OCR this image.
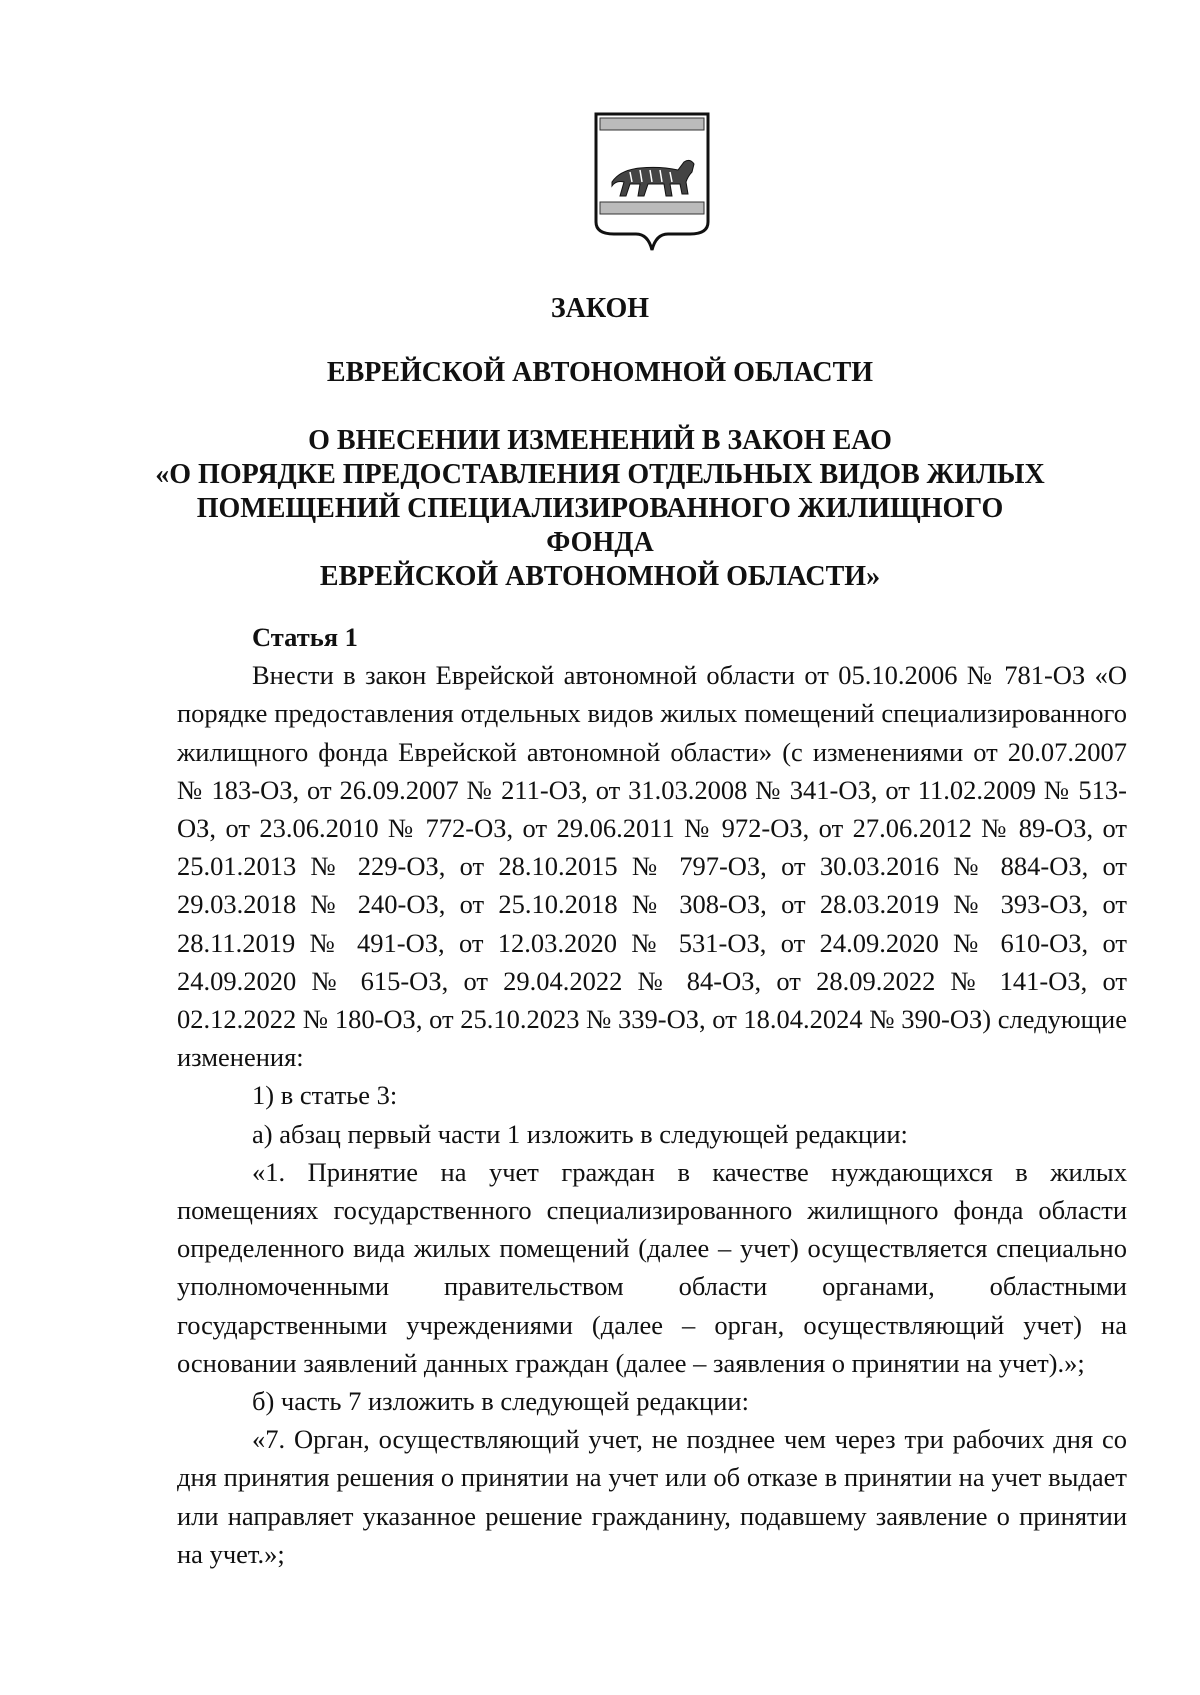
ЗАКОН

ЕВРЕЙСКОЙ АВТОНОМНОЙ ОБЛАСТИ

О ВНЕСЕНИИ ИЗМЕНЕНИЙ В ЗАКОН ЕАО
«О ПОРЯДКЕ ПРЕДОСТАВЛЕНИЯ ОТДЕЛЬНЫХ ВИДОВ ЖИЛЫХ
ПОМЕЩЕНИЙ СПЕЦИАЛИЗИРОВАННОГО ЖИЛИЩНОГО ФОНДА
ЕВРЕЙСКОЙ АВТОНОМНОЙ ОБЛАСТИ»
Статья 1

Внести в закон Еврейской автономной области от 05.10.2006 № 781-ОЗ «О порядке предоставления отдельных видов жилых помещений специализированного жилищного фонда Еврейской автономной области» (с изменениями от 20.07.2007 № 183-ОЗ, от 26.09.2007 № 211-ОЗ, от 31.03.2008 № 341-ОЗ, от 11.02.2009 № 513-ОЗ, от 23.06.2010 № 772-ОЗ, от 29.06.2011 № 972-ОЗ, от 27.06.2012 № 89-ОЗ, от 25.01.2013 № 229-ОЗ, от 28.10.2015 № 797-ОЗ, от 30.03.2016 № 884-ОЗ, от 29.03.2018 № 240-ОЗ, от 25.10.2018 № 308-ОЗ, от 28.03.2019 № 393-ОЗ, от 28.11.2019 № 491-ОЗ, от 12.03.2020 № 531-ОЗ, от 24.09.2020 № 610-ОЗ, от 24.09.2020 № 615-ОЗ, от 29.04.2022 № 84-ОЗ, от 28.09.2022 № 141-ОЗ, от 02.12.2022 № 180-ОЗ, от 25.10.2023 № 339-ОЗ, от 18.04.2024 № 390-ОЗ) следующие изменения:

1) в статье 3:

а) абзац первый части 1 изложить в следующей редакции:

«1. Принятие на учет граждан в качестве нуждающихся в жилых помещениях государственного специализированного жилищного фонда области определенного вида жилых помещений (далее – учет) осуществляется специально уполномоченными правительством области органами, областными государственными учреждениями (далее – орган, осуществляющий учет) на основании заявлений данных граждан (далее – заявления о принятии на учет).»;

б) часть 7 изложить в следующей редакции:

«7. Орган, осуществляющий учет, не позднее чем через три рабочих дня со дня принятия решения о принятии на учет или об отказе в принятии на учет выдает или направляет указанное решение гражданину, подавшему заявление о принятии на учет.»;
